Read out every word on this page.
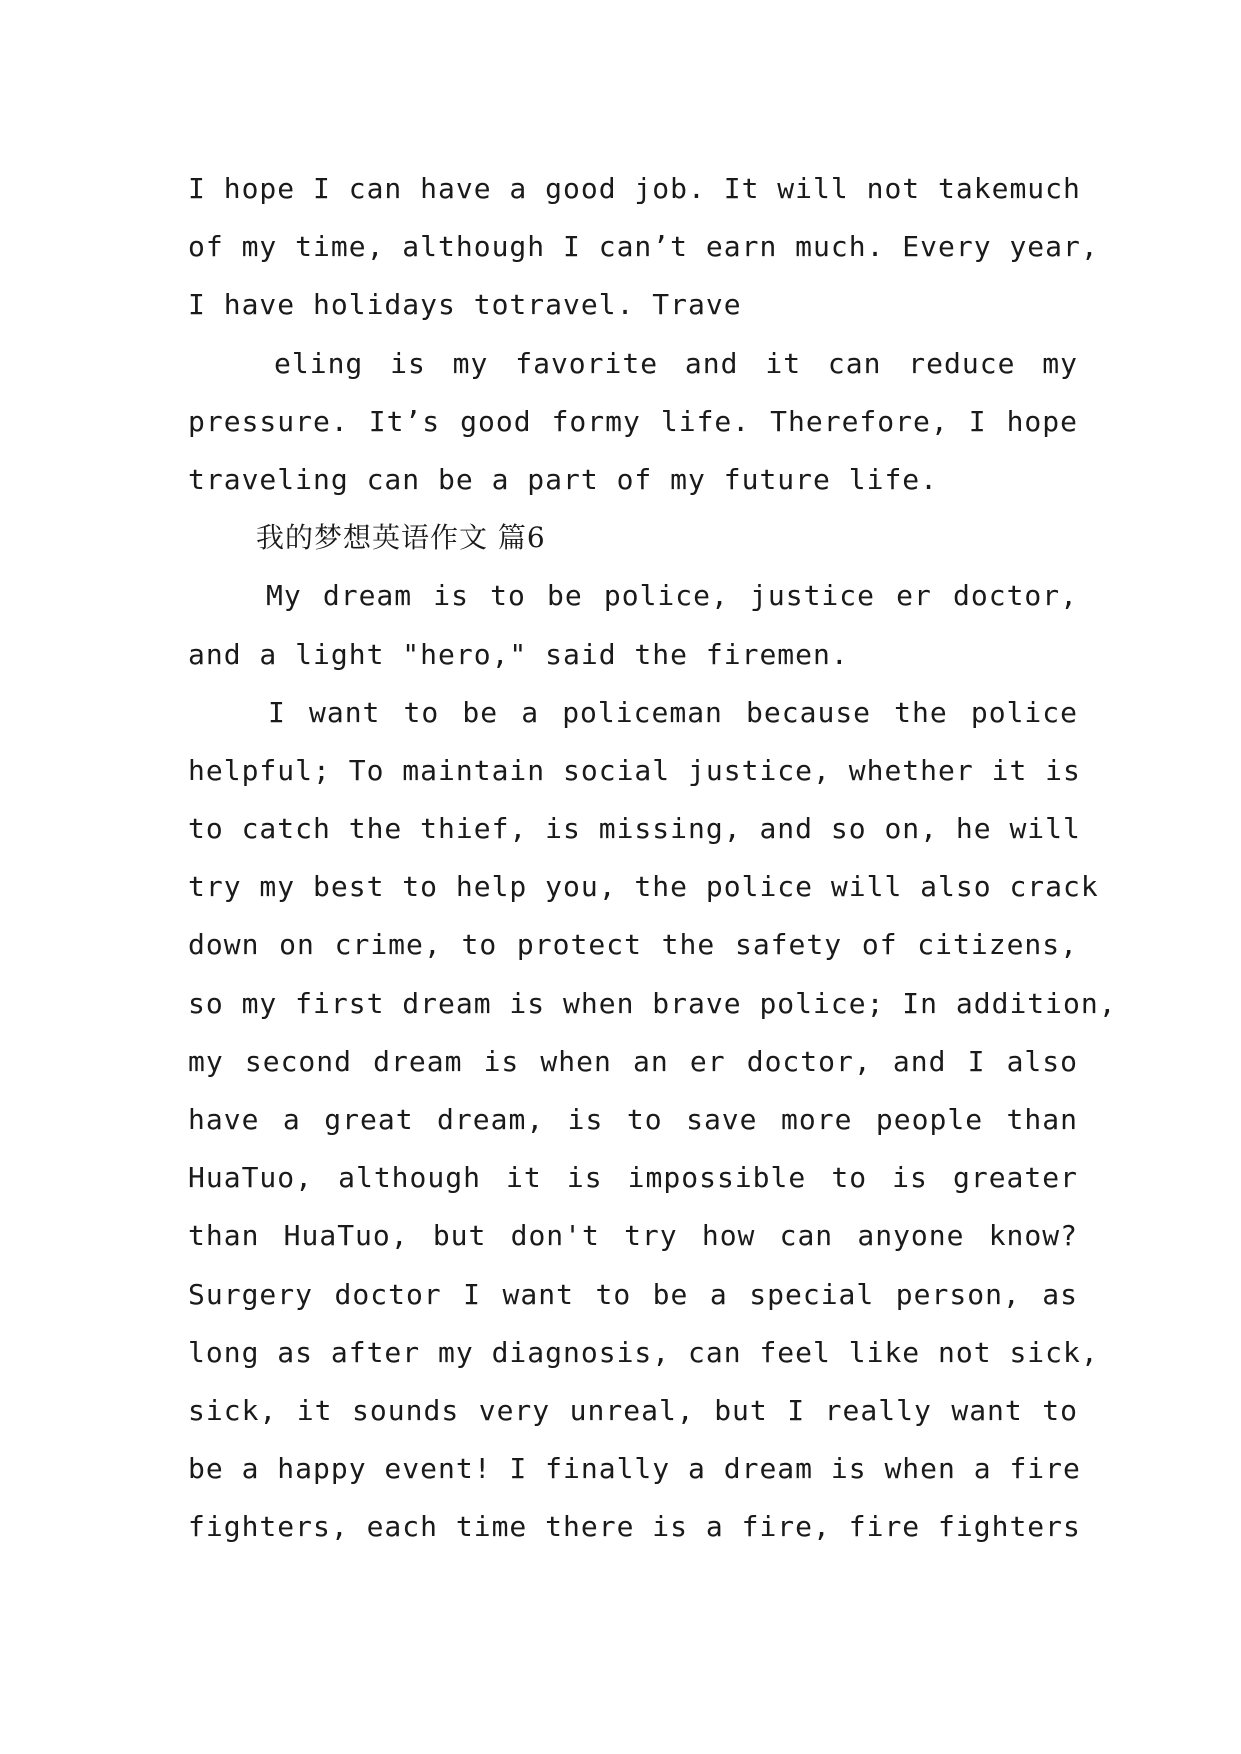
I hope I can have a good job. It will not takemuch
of my time, although I can’t earn much. Every year,
I have holidays totravel. Trave
eling is my favorite and it can reduce my
pressure. It’s good formy life. Therefore, I hope
traveling can be a part of my future life.
我的梦想英语作文 篇6
My dream is to be police, justice er doctor,
and a light "hero," said the firemen.
I want to be a policeman because the police
helpful; To maintain social justice, whether it is
to catch the thief, is missing, and so on, he will
try my best to help you, the police will also crack
down on crime, to protect the safety of citizens,
so my first dream is when brave police; In addition,
my second dream is when an er doctor, and I also
have a great dream, is to save more people than
HuaTuo, although it is impossible to is greater
than HuaTuo, but don't try how can anyone know?
Surgery doctor I want to be a special person, as
long as after my diagnosis, can feel like not sick,
sick, it sounds very unreal, but I really want to
be a happy event! I finally a dream is when a fire
fighters, each time there is a fire, fire fighters
